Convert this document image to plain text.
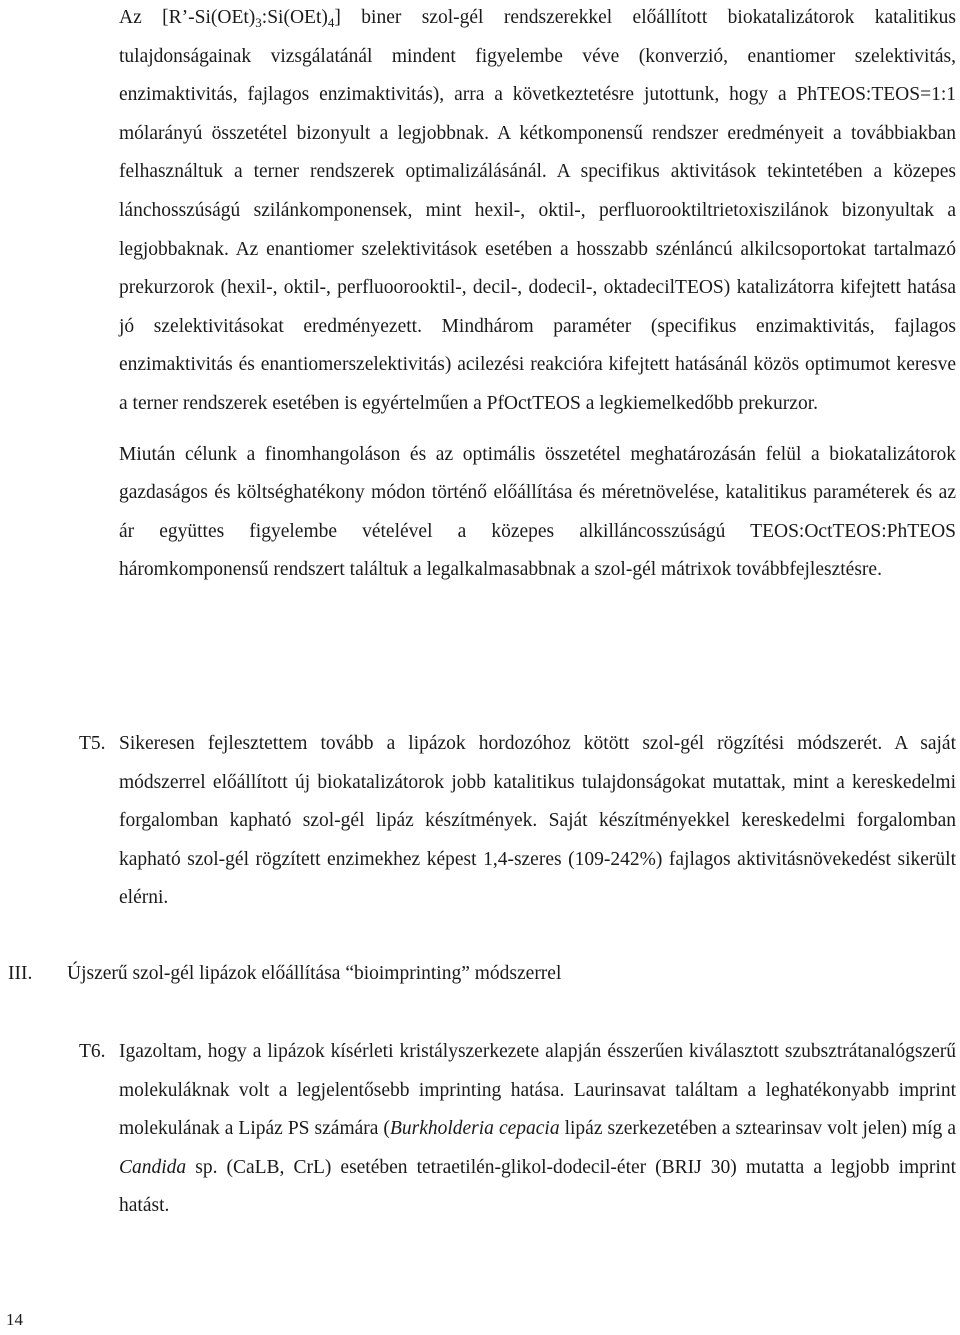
Az $[R’-Si(OEt)_3:Si(OEt)_4]$ biner szol-gél rendszerekkel előállított biokatalizátorok katalitikus tulajdonságainak vizsgálatánál mindent figyelembe véve (konverzió, enantiomer szelektivitás, enzimaktivitás, fajlagos enzimaktivitás), arra a következtetésre jutottunk, hogy a PhTEOS:TEOS=1:1 mólarányú összetétel bizonyult a legjobbnak. A kétkomponensű rendszer eredményeit a továbbiakban felhasználtuk a terner rendszerek optimalizálásánál. A specifikus aktivitások tekintetében a közepes lánchosszúságú szilánkomponensek, mint hexil-, oktil-, perfluorooktiltrietoxiszilánok bizonyultak a legjobbaknak. Az enantiomer szelektivitások esetében a hosszabb szénláncú alkilcsoportokat tartalmazó prekurzorok (hexil-, oktil-, perfluoorooktil-, decil-, dodecil-, oktadecilTEOS) katalizátorra kifejtett hatása jó szelektivitásokat eredményezett. Mindhárom paraméter (specifikus enzimaktivitás, fajlagos enzimaktivitás és enantiomerszelektivitás) acilezési reakcióra kifejtett hatásánál közös optimumot keresve a terner rendszerek esetében is egyértelműen a PfOctTEOS a legkiemelkedőbb prekurzor.

Miután célunk a finomhangoláson és az optimális összetétel meghatározásán felül a biokatalizátorok gazdaságos és költséghatékony módon történő előállítása és méretnövelése, katalitikus paraméterek és az ár együttes figyelembe vételével a közepes alkilláncosszúságú TEOS:OctTEOS:PhTEOS háromkomponensű rendszert találtuk a legalkalmasabbnak a szol-gél mátrixok továbbfejlesztésre.

T5. Sikeresen fejlesztettem tovább a lipázok hordozóhoz kötött szol-gél rögzítési módszerét. A saját módszerrel előállított új biokatalizátorok jobb katalitikus tulajdonságokat mutattak, mint a kereskedelmi forgalomban kapható szol-gél lipáz készítmények. Saját készítményekkel kereskedelmi forgalomban kapható szol-gél rögzített enzimekhez képest 1,4-szeres (109-242%) fajlagos aktivitásnövekedést sikerült elérni.

III. Újszerű szol-gél lipázok előállítása “bioimprinting” módszerrel
T6. Igazoltam, hogy a lipázok kísérleti kristályszerkezete alapján ésszerűen kiválasztott szubsztrátanalógszerű molekuláknak volt a legjelentősebb imprinting hatása. Laurinsavat találtam a leghatékonyabb imprint molekulának a Lipáz PS számára (Burkholderia cepacia lipáz szerkezetében a sztearinsav volt jelen) míg a Candida sp. (CaLB, CrL) esetében tetraetilén-glikol-dodecil-éter (BRIJ 30) mutatta a legjobb imprint hatást.

14
